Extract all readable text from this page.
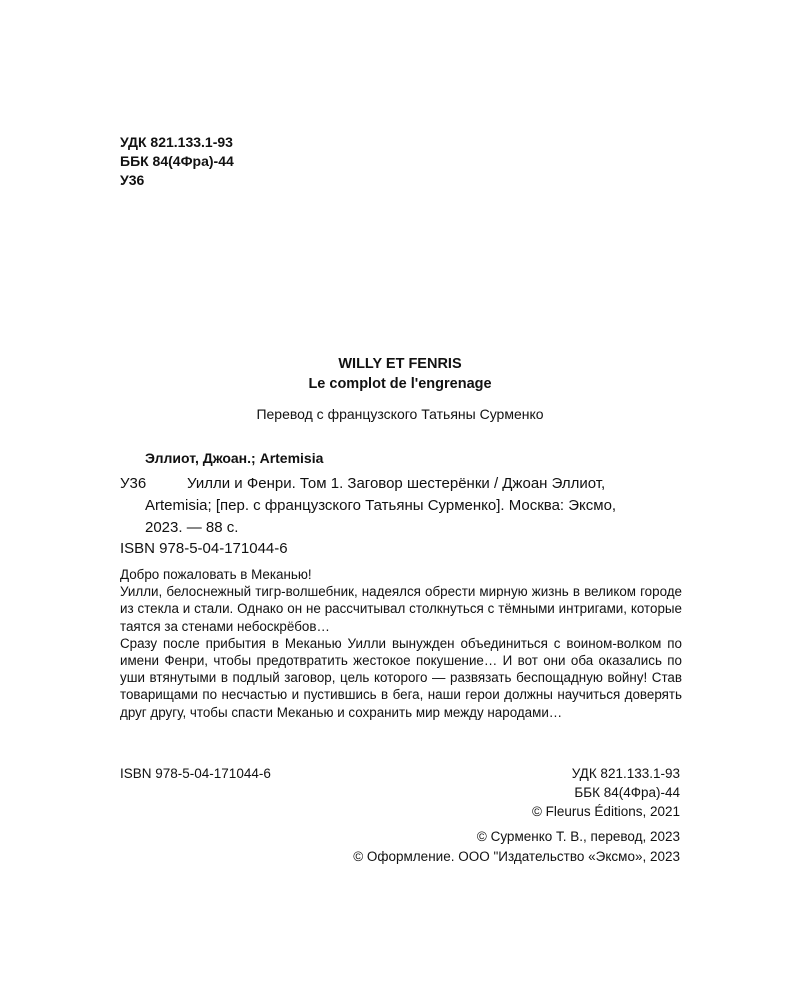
УДК 821.133.1-93
ББК 84(4Фра)-44
У36
WILLY ET FENRIS
Le complot de l'engrenage
Перевод с французского Татьяны Сурменко
Эллиот, Джоан.; Artemisia
У36	Уилли и Фенри. Том 1. Заговор шестерёнки / Джоан Эллиот,
Artemisia; [пер. с французского Татьяны Сурменко]. Москва: Эксмо,
2023. — 88 с.
ISBN 978-5-04-171044-6

Добро пожаловать в Меканью!

Уилли, белоснежный тигр-волшебник, надеялся обрести мирную жизнь в великом городе из стекла и стали. Однако он не рассчитывал столкнуться с тёмными интригами, которые таятся за стенами небоскрёбов…

Сразу после прибытия в Меканью Уилли вынужден объединиться с воином-волком по имени Фенри, чтобы предотвратить жестокое покушение… И вот они оба оказались по уши втянутыми в подлый заговор, цель которого — развязать беспощадную войну! Став товарищами по несчастью и пустившись в бега, наши герои должны научиться доверять друг другу, чтобы спасти Меканью и сохранить мир между народами…

ISBN 978-5-04-171044-6	УДК 821.133.1-93
ББК 84(4Фра)-44
© Fleurus Éditions, 2021
© Сурменко Т. В., перевод, 2023
© Оформление. ООО "Издательство «Эксмо», 2023
